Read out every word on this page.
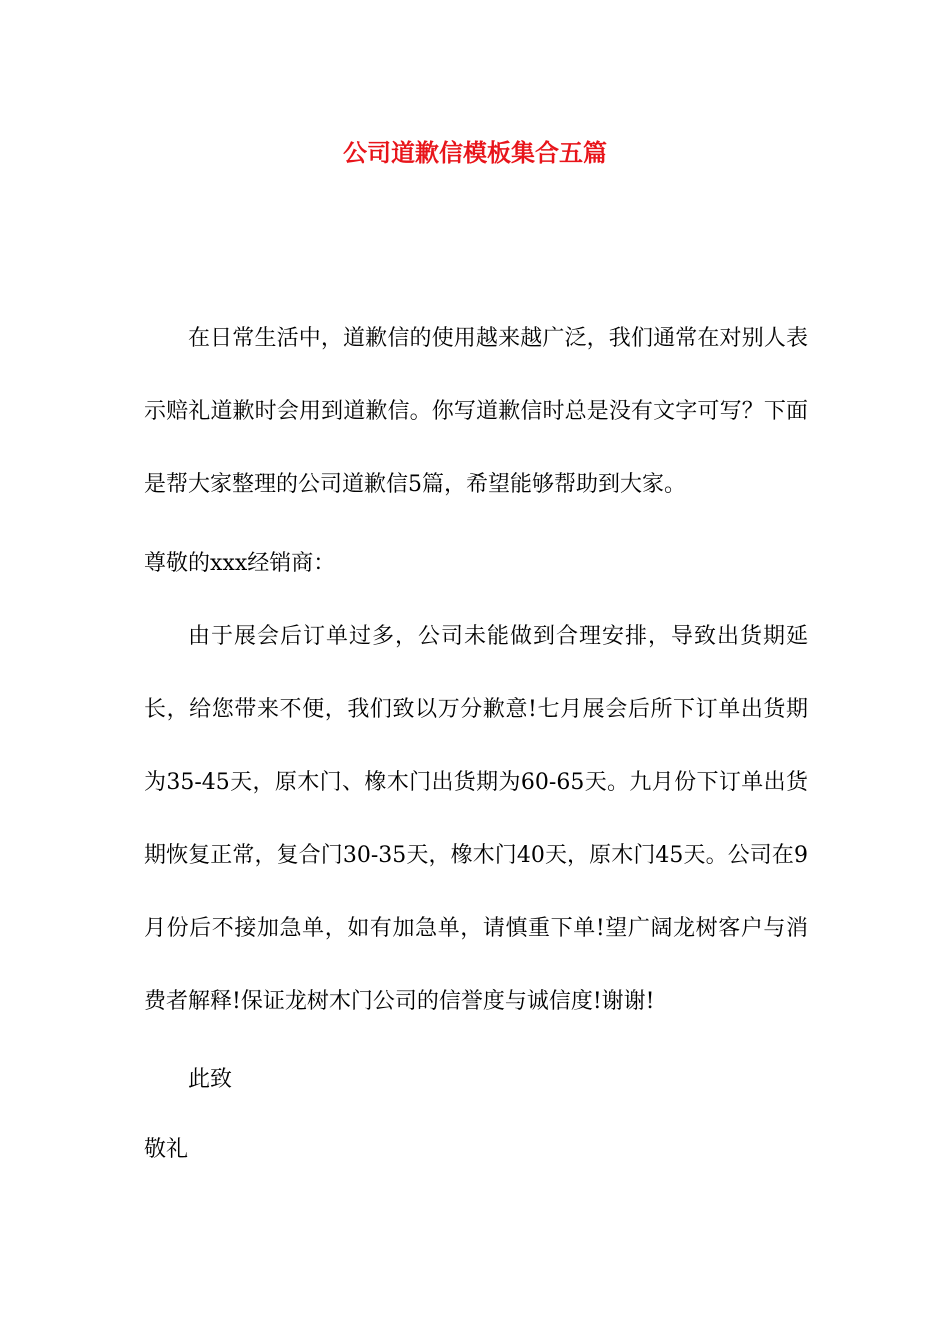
公司道歉信模板集合五篇

在日常生活中，道歉信的使用越来越广泛，我们通常在对别人表示赔礼道歉时会用到道歉信。你写道歉信时总是没有文字可写？下面是帮大家整理的公司道歉信5篇，希望能够帮助到大家。

尊敬的xxx经销商：

由于展会后订单过多，公司未能做到合理安排，导致出货期延长，给您带来不便，我们致以万分歉意!七月展会后所下订单出货期为35-45天，原木门、橡木门出货期为60-65天。九月份下订单出货期恢复正常，复合门30-35天，橡木门40天，原木门45天。公司在9月份后不接加急单，如有加急单，请慎重下单!望广阔龙树客户与消费者解释!保证龙树木门公司的信誉度与诚信度!谢谢!

此致

敬礼
